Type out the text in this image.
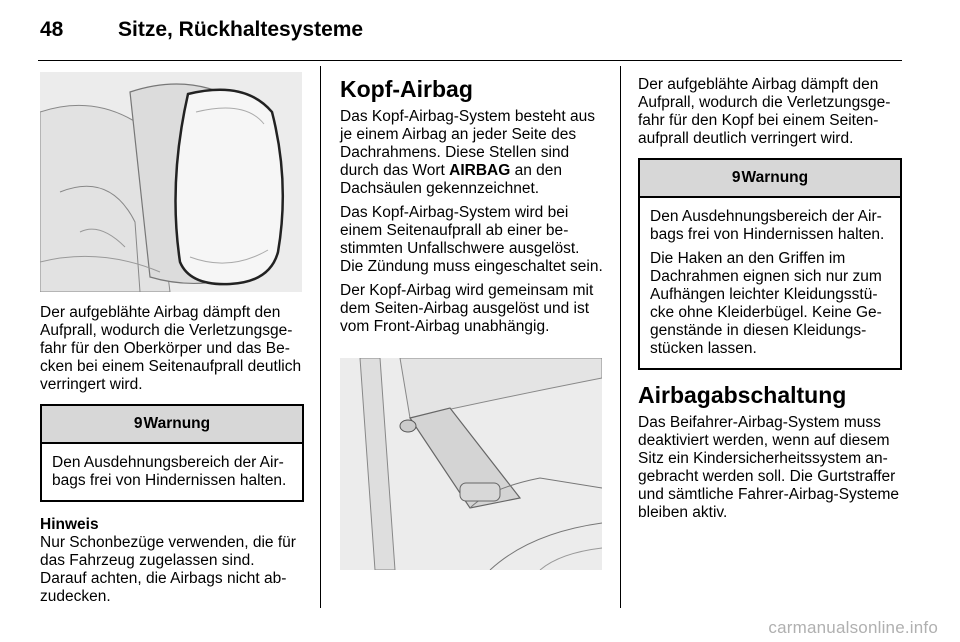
48	Sitze, Rückhaltesysteme

Der aufgeblähte Airbag dämpft den Aufprall, wodurch die Verletzungsgefahr für den Oberkörper und das Becken bei einem Seitenaufprall deutlich verringert wird.

9Warnung

Den Ausdehnungsbereich der Airbags frei von Hindernissen halten.

Hinweis

Nur Schonbezüge verwenden, die für das Fahrzeug zugelassen sind. Darauf achten, die Airbags nicht abzudecken.

Kopf-Airbag

Das Kopf-Airbag-System besteht aus je einem Airbag an jeder Seite des Dachrahmens. Diese Stellen sind durch das Wort AIRBAG an den Dachsäulen gekennzeichnet.

Das Kopf-Airbag-System wird bei einem Seitenaufprall ab einer bestimmten Unfallschwere ausgelöst. Die Zündung muss eingeschaltet sein.

Der Kopf-Airbag wird gemeinsam mit dem Seiten-Airbag ausgelöst und ist vom Front-Airbag unabhängig.

Der aufgeblähte Airbag dämpft den Aufprall, wodurch die Verletzungsgefahr für den Kopf bei einem Seitenaufprall deutlich verringert wird.

9Warnung

Den Ausdehnungsbereich der Airbags frei von Hindernissen halten.

Die Haken an den Griffen im Dachrahmen eignen sich nur zum Aufhängen leichter Kleidungsstücke ohne Kleiderbügel. Keine Gegenstände in diesen Kleidungsstücken lassen.

Airbagabschaltung

Das Beifahrer-Airbag-System muss deaktiviert werden, wenn auf diesem Sitz ein Kindersicherheitssystem angebracht werden soll. Die Gurtstraffer und sämtliche Fahrer-Airbag-Systeme bleiben aktiv.

carmanualsonline.info
